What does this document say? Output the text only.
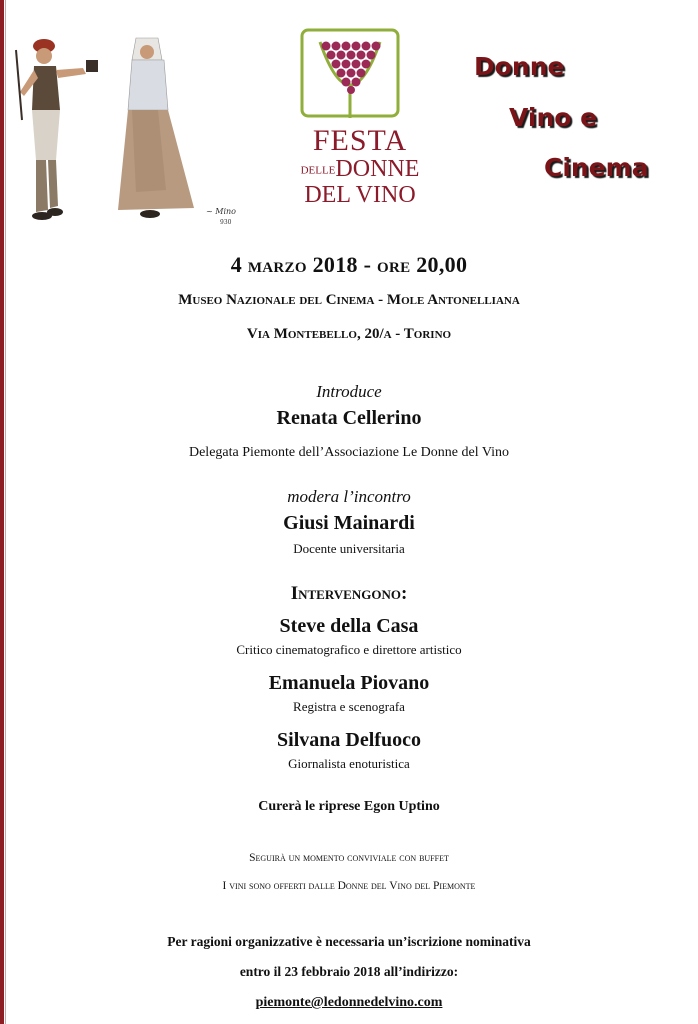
~ Mino
930
FESTA
DELLEDONNE
DEL VINO
Donne
Vino e
Cinema
4 marzo 2018 - ore 20,00
Museo Nazionale del Cinema - Mole Antonelliana
Via Montebello, 20/a - Torino
Introduce
Renata Cellerino
Delegata Piemonte dell’Associazione Le Donne del Vino
modera l’incontro
Giusi Mainardi
Docente universitaria
Intervengono:
Steve della Casa
Critico cinematografico e direttore artistico
Emanuela Piovano
Registra e scenografa
Silvana Delfuoco
Giornalista enoturistica
Curerà le riprese Egon Uptino
Seguirà un momento conviviale con buffet
I vini sono offerti dalle Donne del Vino del Piemonte
Per ragioni organizzative è necessaria un’iscrizione nominativa
entro il 23 febbraio 2018 all’indirizzo:
piemonte@ledonnedelvino.com
